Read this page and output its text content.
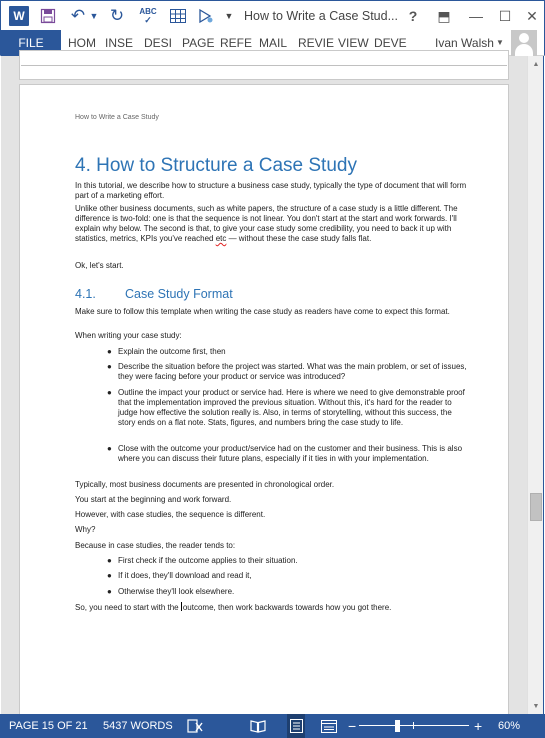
W	↶ ▼ ↻ ABC
✓	▼ How to Write a Case Stud... ?	⬒	—	☐	✕
FILE	HOM INSE DESI PAGE REFE MAIL REVIE VIEW DEVE Ivan Walsh ▼
How to Write a Case Study
4. How to Structure a Case Study
In this tutorial, we describe how to structure a business case study, typically the type of document that will form part of a marketing effort.
Unlike other business documents, such as white papers, the structure of a case study is a little different. The difference is two-fold: one is that the sequence is not linear. You don't start at the start and work forwards. I'll explain why below. The second is that, to give your case study some credibility, you need to back it up with statistics, metrics, KPIs you've reached etc — without these the case study falls flat.
Ok, let's start.
4.1. Case Study Format
Make sure to follow this template when writing the case study as readers have come to expect this format.
When writing your case study:
● Explain the outcome first, then
● Describe the situation before the project was started. What was the main problem, or set of issues, they were facing before your product or service was introduced?
● Outline the impact your product or service had. Here is where we need to give demonstrable proof that the implementation improved the previous situation. Without this, it's hard for the reader to judge how effective the solution really is. Also, in terms of storytelling, without this success, the story ends on a flat note. Stats, figures, and numbers bring the case study to life.
● Close with the outcome your product/service had on the customer and their business. This is also where you can discuss their future plans, especially if it ties in with your implementation.
Typically, most business documents are presented in chronological order.
You start at the beginning and work forward.
However, with case studies, the sequence is different.
Why?
Because in case studies, the reader tends to:
● First check if the outcome applies to their situation.
● If it does, they'll download and read it,
● Otherwise they'll look elsewhere.
So, you need to start with the outcome, then work backwards towards how you got there.
▲
▼
PAGE 15 OF 21 5437 WORDS	−	+ 60%
